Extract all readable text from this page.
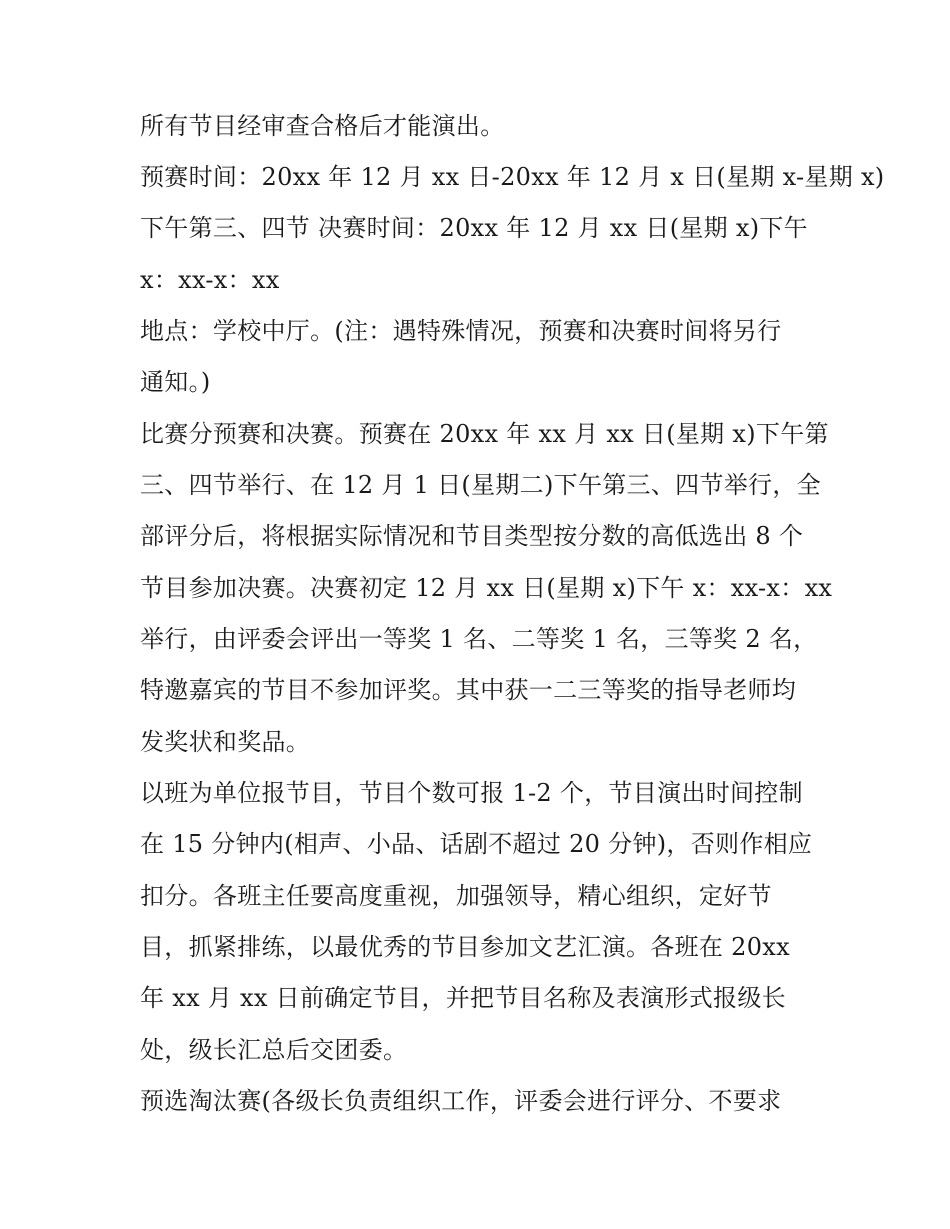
所有节目经审查合格后才能演出。
预赛时间：20xx 年 12 月 xx 日-20xx 年 12 月 x 日(星期 x-星期 x)
下午第三、四节 决赛时间：20xx 年 12 月 xx 日(星期 x)下午
x：xx-x：xx
地点：学校中厅。(注：遇特殊情况，预赛和决赛时间将另行
通知。)
比赛分预赛和决赛。预赛在 20xx 年 xx 月 xx 日(星期 x)下午第
三、四节举行、在 12 月 1 日(星期二)下午第三、四节举行，全
部评分后，将根据实际情况和节目类型按分数的高低选出 8 个
节目参加决赛。决赛初定 12 月 xx 日(星期 x)下午 x：xx-x：xx
举行，由评委会评出一等奖 1 名、二等奖 1 名，三等奖 2 名，
特邀嘉宾的节目不参加评奖。其中获一二三等奖的指导老师均
发奖状和奖品。
以班为单位报节目，节目个数可报 1-2 个，节目演出时间控制
在 15 分钟内(相声、小品、话剧不超过 20 分钟)，否则作相应
扣分。各班主任要高度重视，加强领导，精心组织，定好节
目，抓紧排练，以最优秀的节目参加文艺汇演。各班在 20xx
年 xx 月 xx 日前确定节目，并把节目名称及表演形式报级长
处，级长汇总后交团委。
预选淘汰赛(各级长负责组织工作，评委会进行评分、不要求
